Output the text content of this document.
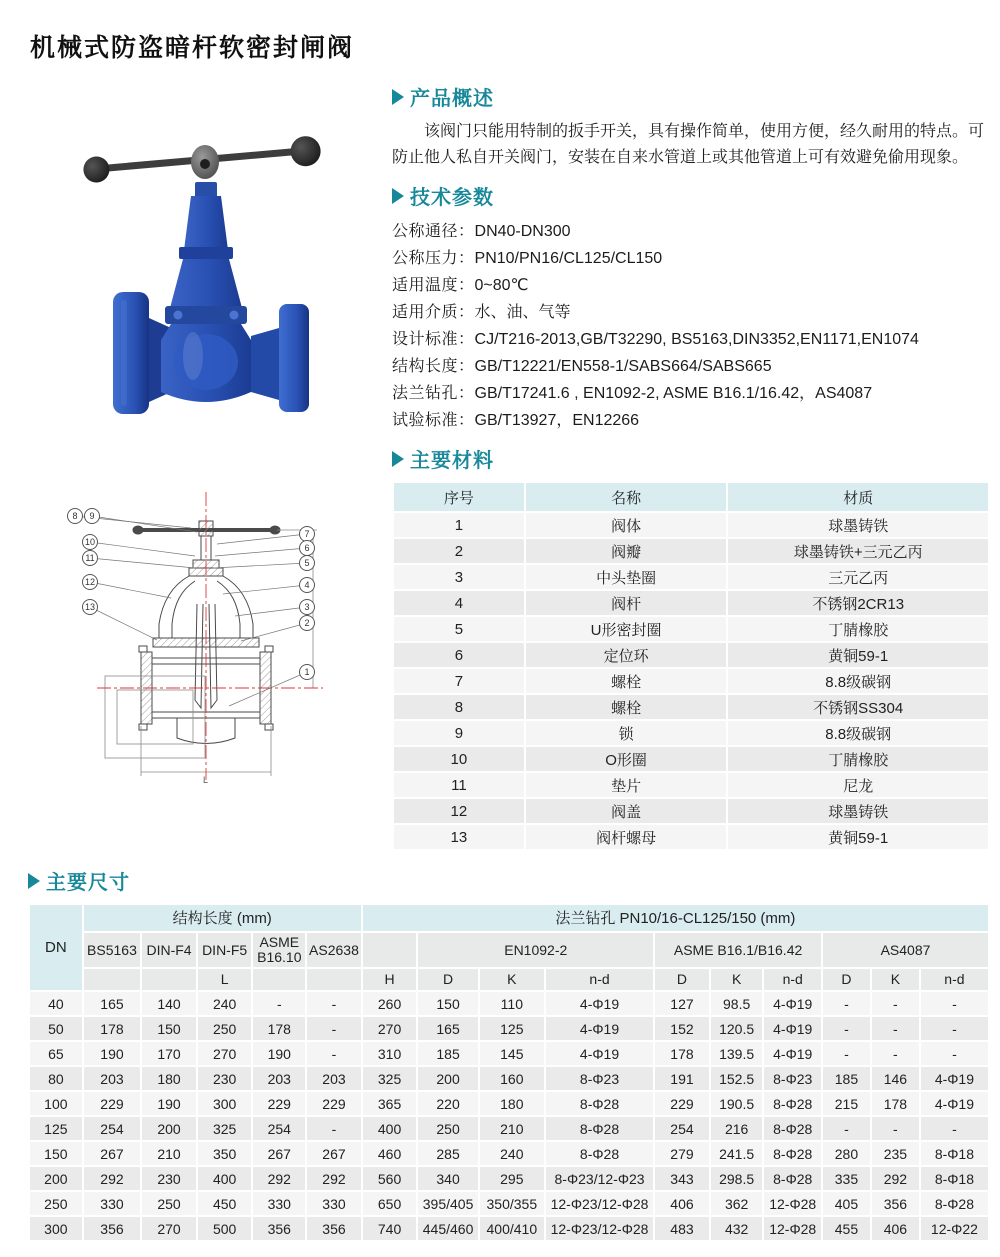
机械式防盗暗杆软密封闸阀
产品概述

该阀门只能用特制的扳手开关，具有操作简单，使用方便，经久耐用的特点。可防止他人私自开关阀门，安装在自来水管道上或其他管道上可有效避免偷用现象。

技术参数
公称通径：DN40-DN300
公称压力：PN10/PN16/CL125/CL150
适用温度：0~80℃
适用介质：水、油、气等
设计标准：CJ/T216-2013,GB/T32290, BS5163,DIN3352,EN1171,EN1074
结构长度：GB/T12221/EN558-1/SABS664/SABS665
法兰钻孔：GB/T17241.6 , EN1092-2, ASME B16.1/16.42，AS4087
试验标准：GB/T13927，EN12266
主要材料
序号	名称	材质
1	阀体	球墨铸铁
2	阀瓣	球墨铸铁+三元乙丙
3	中头垫圈	三元乙丙
4	阀杆	不锈钢2CR13
5	U形密封圈	丁腈橡胶
6	定位环	黄铜59-1
7	螺栓	8.8级碳钢
8	螺栓	不锈钢SS304
9	锁	8.8级碳钢
10	O形圈	丁腈橡胶
11	垫片	尼龙
12	阀盖	球墨铸铁
13	阀杆螺母	黄铜59-1
L
8 9
10
11
12
13
7
6
5
4
3
2
1
主要尺寸
DN	结构长度 (mm)					法兰钻孔 PN10/16-CL125/150 (mm)									
	BS5163	DIN-F4	DIN-F5	ASME B16.10	AS2638		EN1092-2			ASME B16.1/B16.42			AS4087		
			L			H	D	K	n-d	D	K	n-d	D	K	n-d
40	165	140	240	-	-	260	150	110	4-Φ19	127	98.5	4-Φ19	-	-	-
50	178	150	250	178	-	270	165	125	4-Φ19	152	120.5	4-Φ19	-	-	-
65	190	170	270	190	-	310	185	145	4-Φ19	178	139.5	4-Φ19	-	-	-
80	203	180	230	203	203	325	200	160	8-Φ23	191	152.5	8-Φ23	185	146	4-Φ19
100	229	190	300	229	229	365	220	180	8-Φ28	229	190.5	8-Φ28	215	178	4-Φ19
125	254	200	325	254	-	400	250	210	8-Φ28	254	216	8-Φ28	-	-	-
150	267	210	350	267	267	460	285	240	8-Φ28	279	241.5	8-Φ28	280	235	8-Φ18
200	292	230	400	292	292	560	340	295	8-Φ23/12-Φ23	343	298.5	8-Φ28	335	292	8-Φ18
250	330	250	450	330	330	650	395/405	350/355	12-Φ23/12-Φ28	406	362	12-Φ28	405	356	8-Φ28
300	356	270	500	356	356	740	445/460	400/410	12-Φ23/12-Φ28	483	432	12-Φ28	455	406	12-Φ22
